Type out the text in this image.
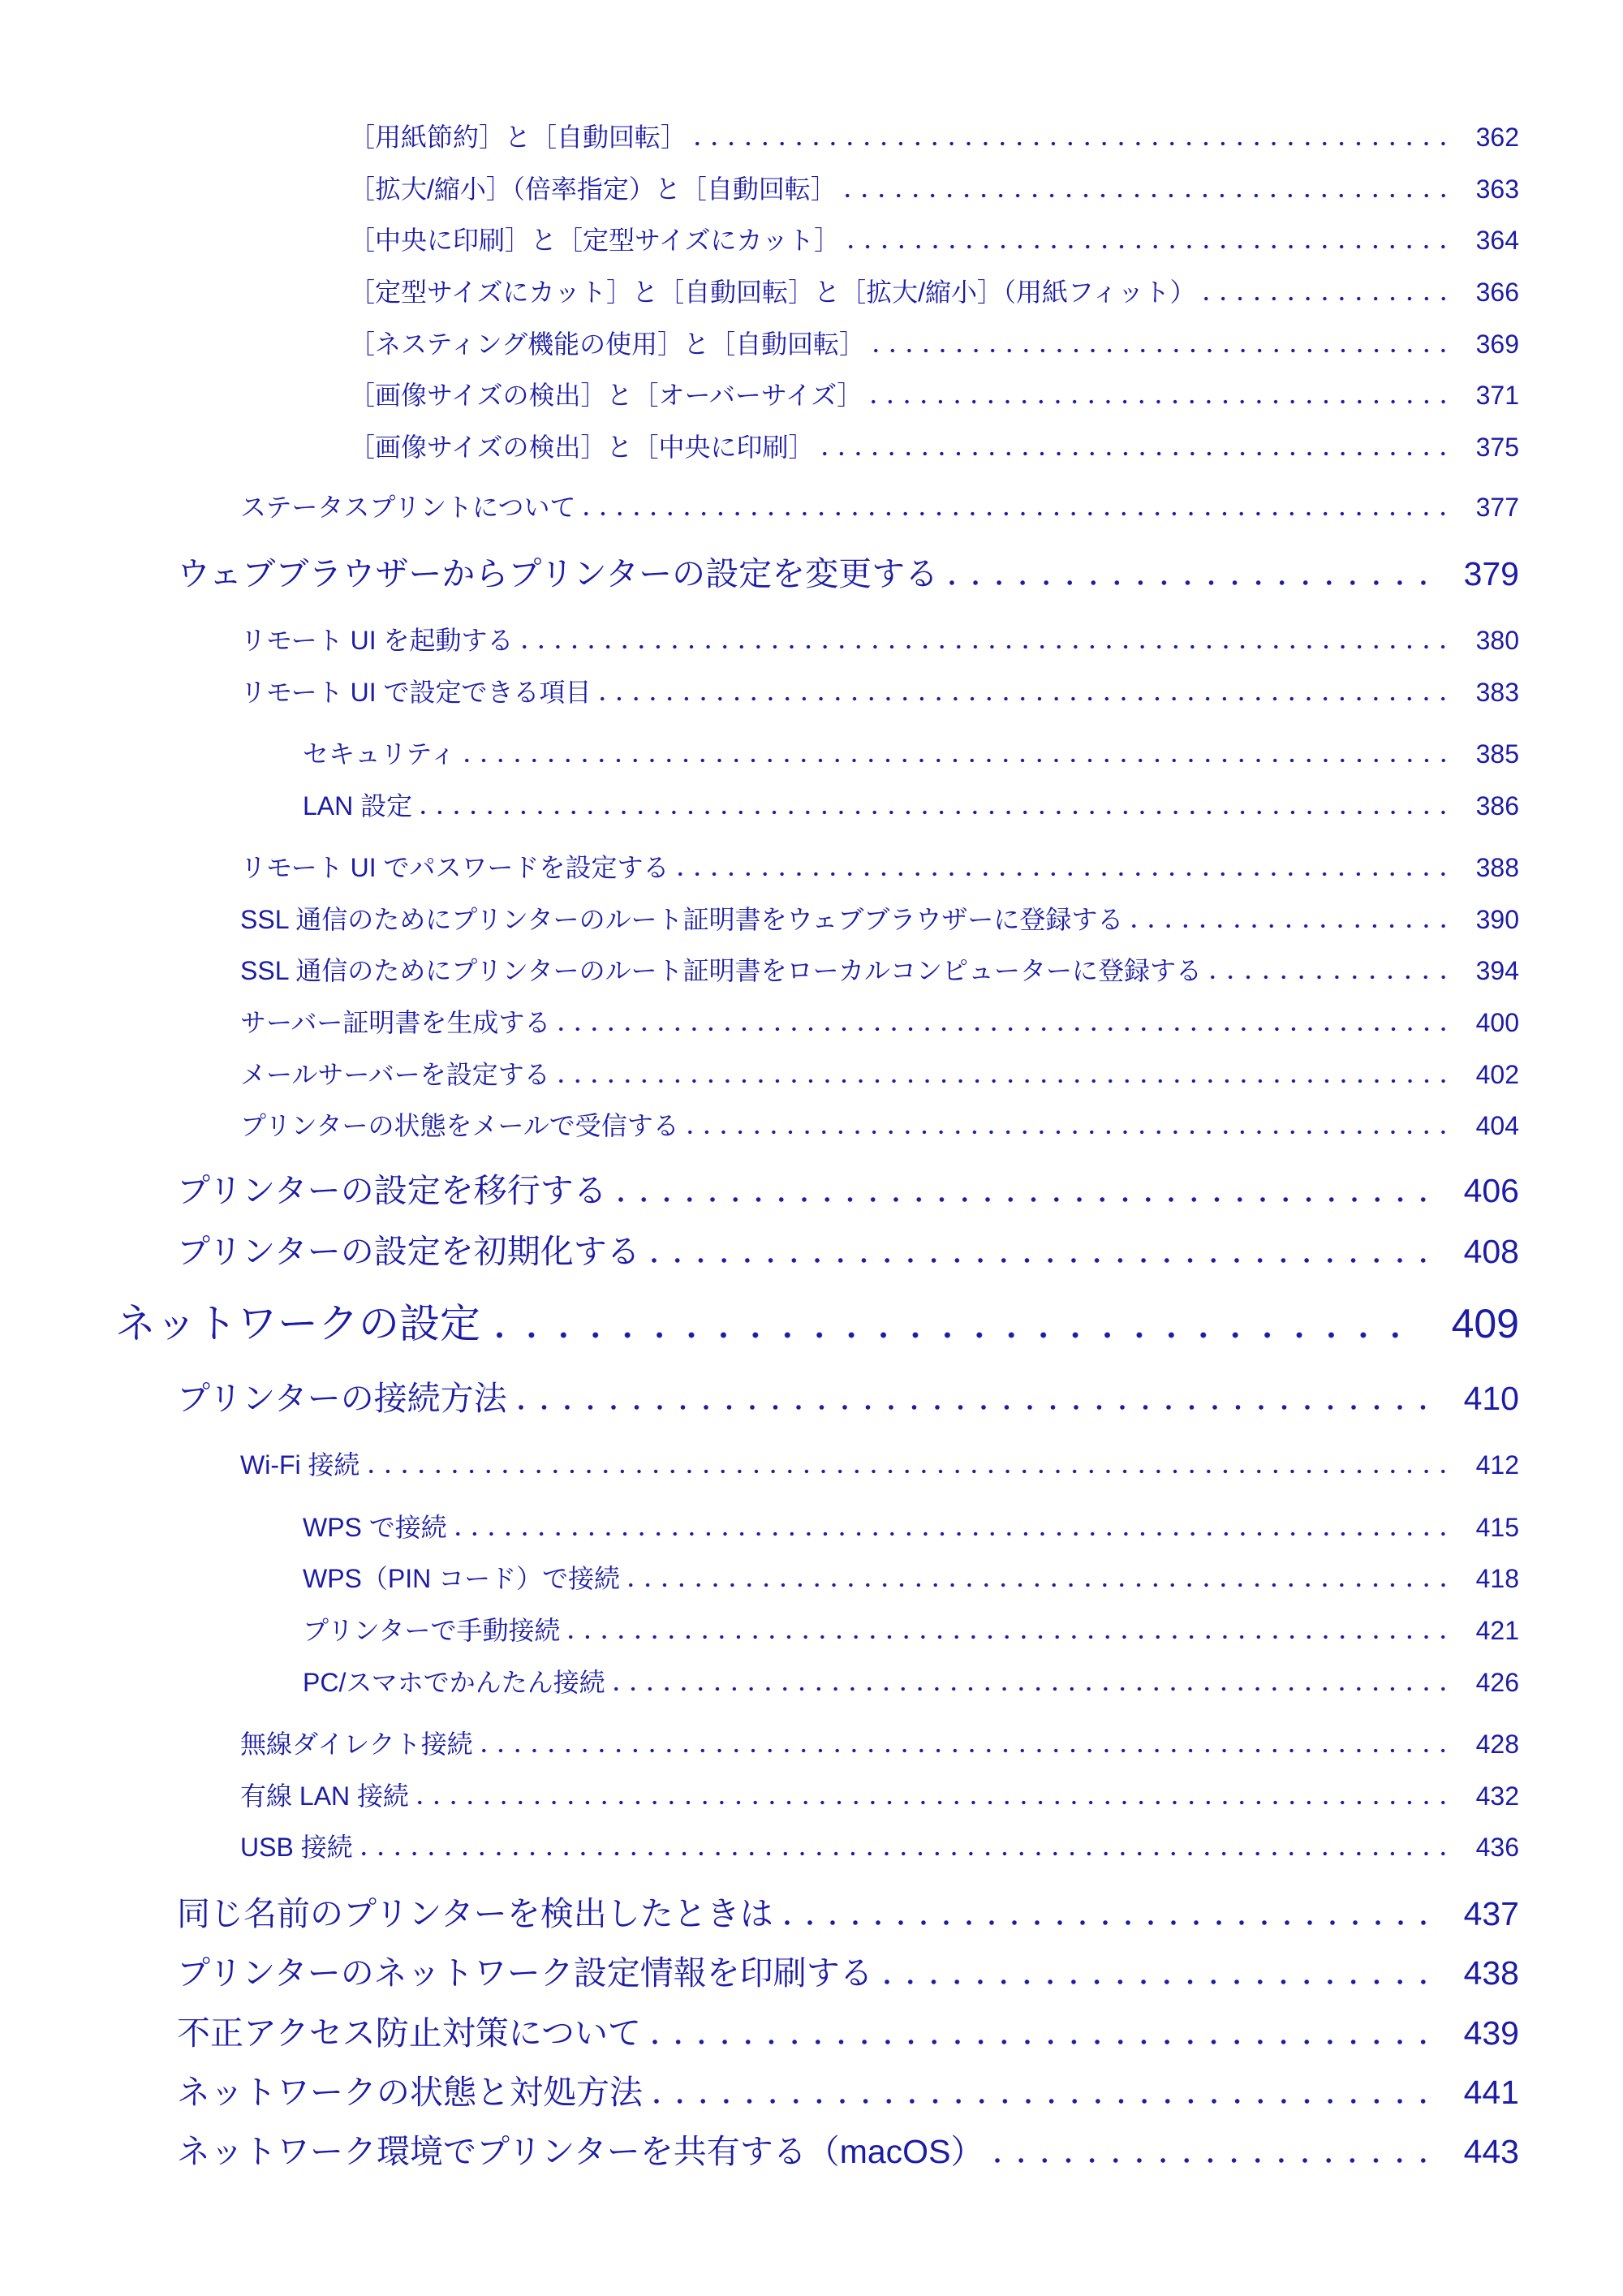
［用紙節約］と［自動回転］	362
［拡大/縮小］（倍率指定）と［自動回転］	363
［中央に印刷］と［定型サイズにカット］	364
［定型サイズにカット］と［自動回転］と［拡大/縮小］（用紙フィット）	366
［ネスティング機能の使用］と［自動回転］	369
［画像サイズの検出］と［オーバーサイズ］	371
［画像サイズの検出］と［中央に印刷］	375
ステータスプリントについて	377
ウェブブラウザーからプリンターの設定を変更する	379
リモート UI を起動する	380
リモート UI で設定できる項目	383
セキュリティ	385
LAN 設定	386
リモート UI でパスワードを設定する	388
SSL 通信のためにプリンターのルート証明書をウェブブラウザーに登録する	390
SSL 通信のためにプリンターのルート証明書をローカルコンピューターに登録する	394
サーバー証明書を生成する	400
メールサーバーを設定する	402
プリンターの状態をメールで受信する	404
プリンターの設定を移行する	406
プリンターの設定を初期化する	408
ネットワークの設定	409
プリンターの接続方法	410
Wi-Fi 接続	412
WPS で接続	415
WPS（PIN コード）で接続	418
プリンターで手動接続	421
PC/スマホでかんたん接続	426
無線ダイレクト接続	428
有線 LAN 接続	432
USB 接続	436
同じ名前のプリンターを検出したときは	437
プリンターのネットワーク設定情報を印刷する	438
不正アクセス防止対策について	439
ネットワークの状態と対処方法	441
ネットワーク環境でプリンターを共有する（macOS）	443
